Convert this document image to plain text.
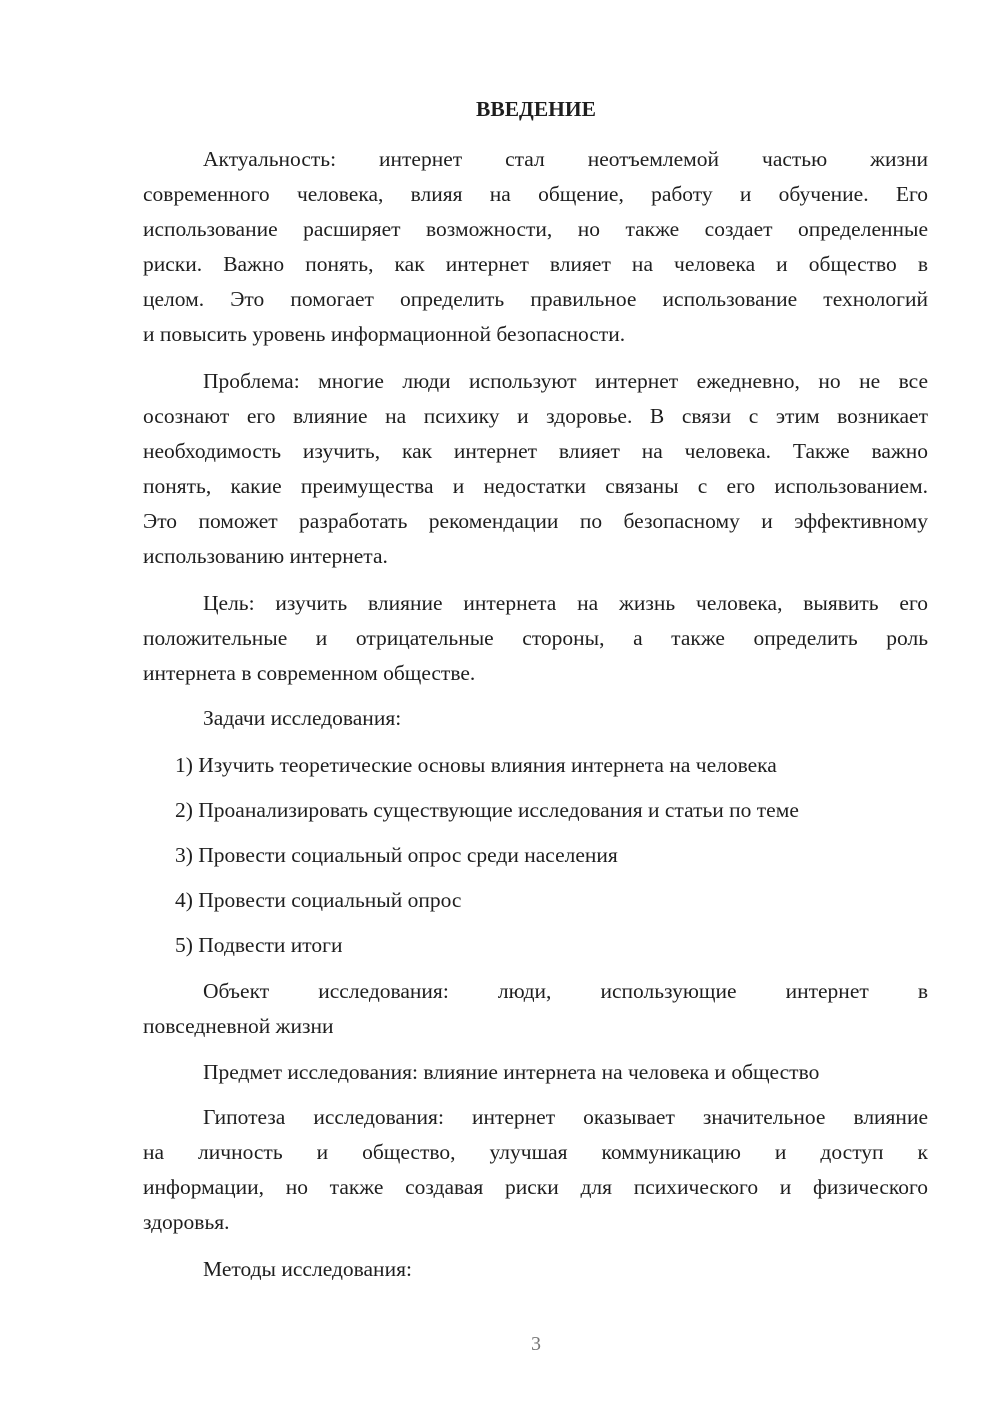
ВВЕДЕНИЕ
Актуальность: интернет стал неотъемлемой частью жизни
современного человека, влияя на общение, работу и обучение. Его
использование расширяет возможности, но также создает определенные
риски. Важно понять, как интернет влияет на человека и общество в
целом. Это помогает определить правильное использование технологий
и повысить уровень информационной безопасности.
Проблема: многие люди используют интернет ежедневно, но не все
осознают его влияние на психику и здоровье. В связи с этим возникает
необходимость изучить, как интернет влияет на человека. Также важно
понять, какие преимущества и недостатки связаны с его использованием.
Это поможет разработать рекомендации по безопасному и эффективному
использованию интернета.
Цель: изучить влияние интернета на жизнь человека, выявить его
положительные и отрицательные стороны, а также определить роль
интернета в современном обществе.
Задачи исследования:
1) Изучить теоретические основы влияния интернета на человека
2) Проанализировать существующие исследования и статьи по теме
3) Провести социальный опрос среди населения
4) Провести социальный опрос
5) Подвести итоги
Объект исследования: люди, использующие интернет в
повседневной жизни
Предмет исследования: влияние интернета на человека и общество
Гипотеза исследования: интернет оказывает значительное влияние
на личность и общество, улучшая коммуникацию и доступ к
информации, но также создавая риски для психического и физического
здоровья.
Методы исследования:
3
